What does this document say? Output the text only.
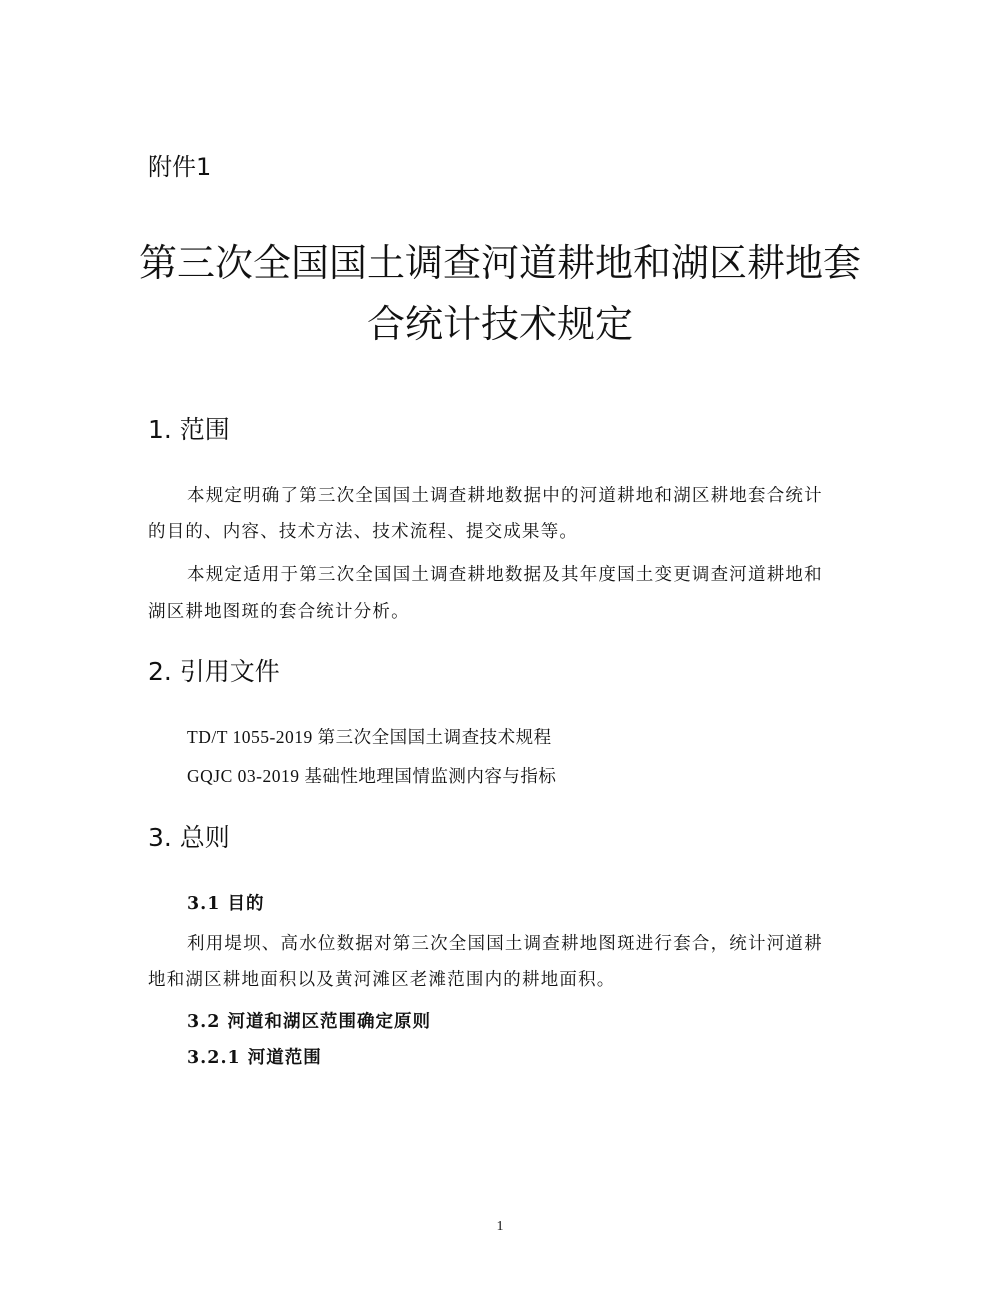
附件1
第三次全国国土调查河道耕地和湖区耕地套
合统计技术规定
1. 范围
本规定明确了第三次全国国土调查耕地数据中的河道耕地和湖区耕地套合统计
的目的、内容、技术方法、技术流程、提交成果等。
本规定适用于第三次全国国土调查耕地数据及其年度国土变更调查河道耕地和
湖区耕地图斑的套合统计分析。
2. 引用文件
TD/T 1055-2019 第三次全国国土调查技术规程
GQJC 03-2019 基础性地理国情监测内容与指标
3. 总则
3.1 目的
利用堤坝、高水位数据对第三次全国国土调查耕地图斑进行套合，统计河道耕
地和湖区耕地面积以及黄河滩区老滩范围内的耕地面积。
3.2 河道和湖区范围确定原则
3.2.1 河道范围
1
